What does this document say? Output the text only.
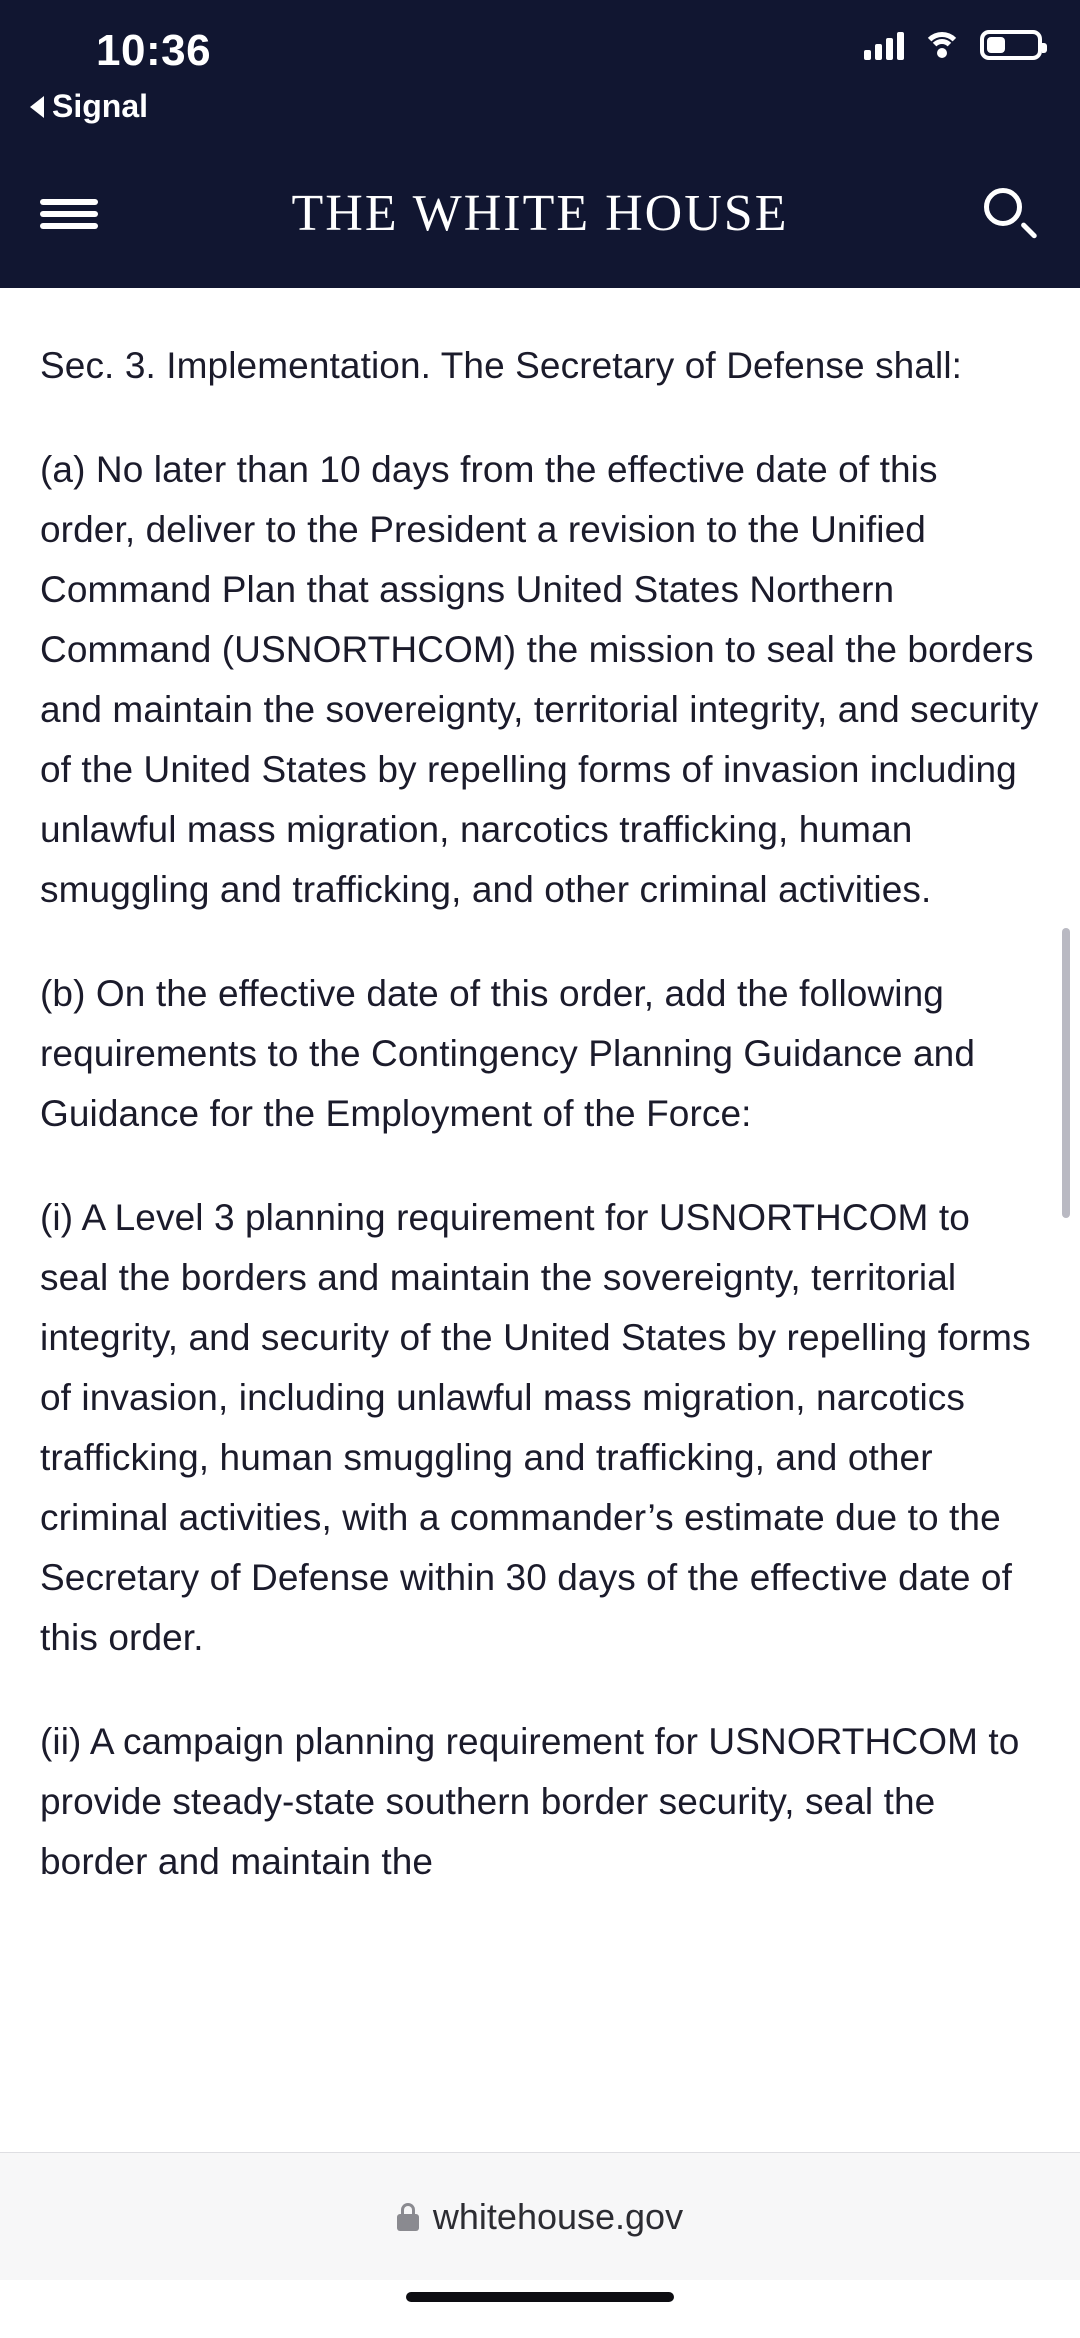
10:36
Signal
THE WHITE HOUSE

Sec. 3. Implementation. The Secretary of Defense shall:

(a) No later than 10 days from the effective date of this order, deliver to the President a revision to the Unified Command Plan that assigns United States Northern Command (USNORTHCOM) the mission to seal the borders and maintain the sovereignty, territorial integrity, and security of the United States by repelling forms of invasion including unlawful mass migration, narcotics trafficking, human smuggling and trafficking, and other criminal activities.

(b) On the effective date of this order, add the following requirements to the Contingency Planning Guidance and Guidance for the Employment of the Force:

(i) A Level 3 planning requirement for USNORTHCOM to seal the borders and maintain the sovereignty, territorial integrity, and security of the United States by repelling forms of invasion, including unlawful mass migration, narcotics trafficking, human smuggling and trafficking, and other criminal activities, with a commander’s estimate due to the Secretary of Defense within 30 days of the effective date of this order.

(ii) A campaign planning requirement for USNORTHCOM to provide steady-state southern border security, seal the border and maintain the

whitehouse.gov
